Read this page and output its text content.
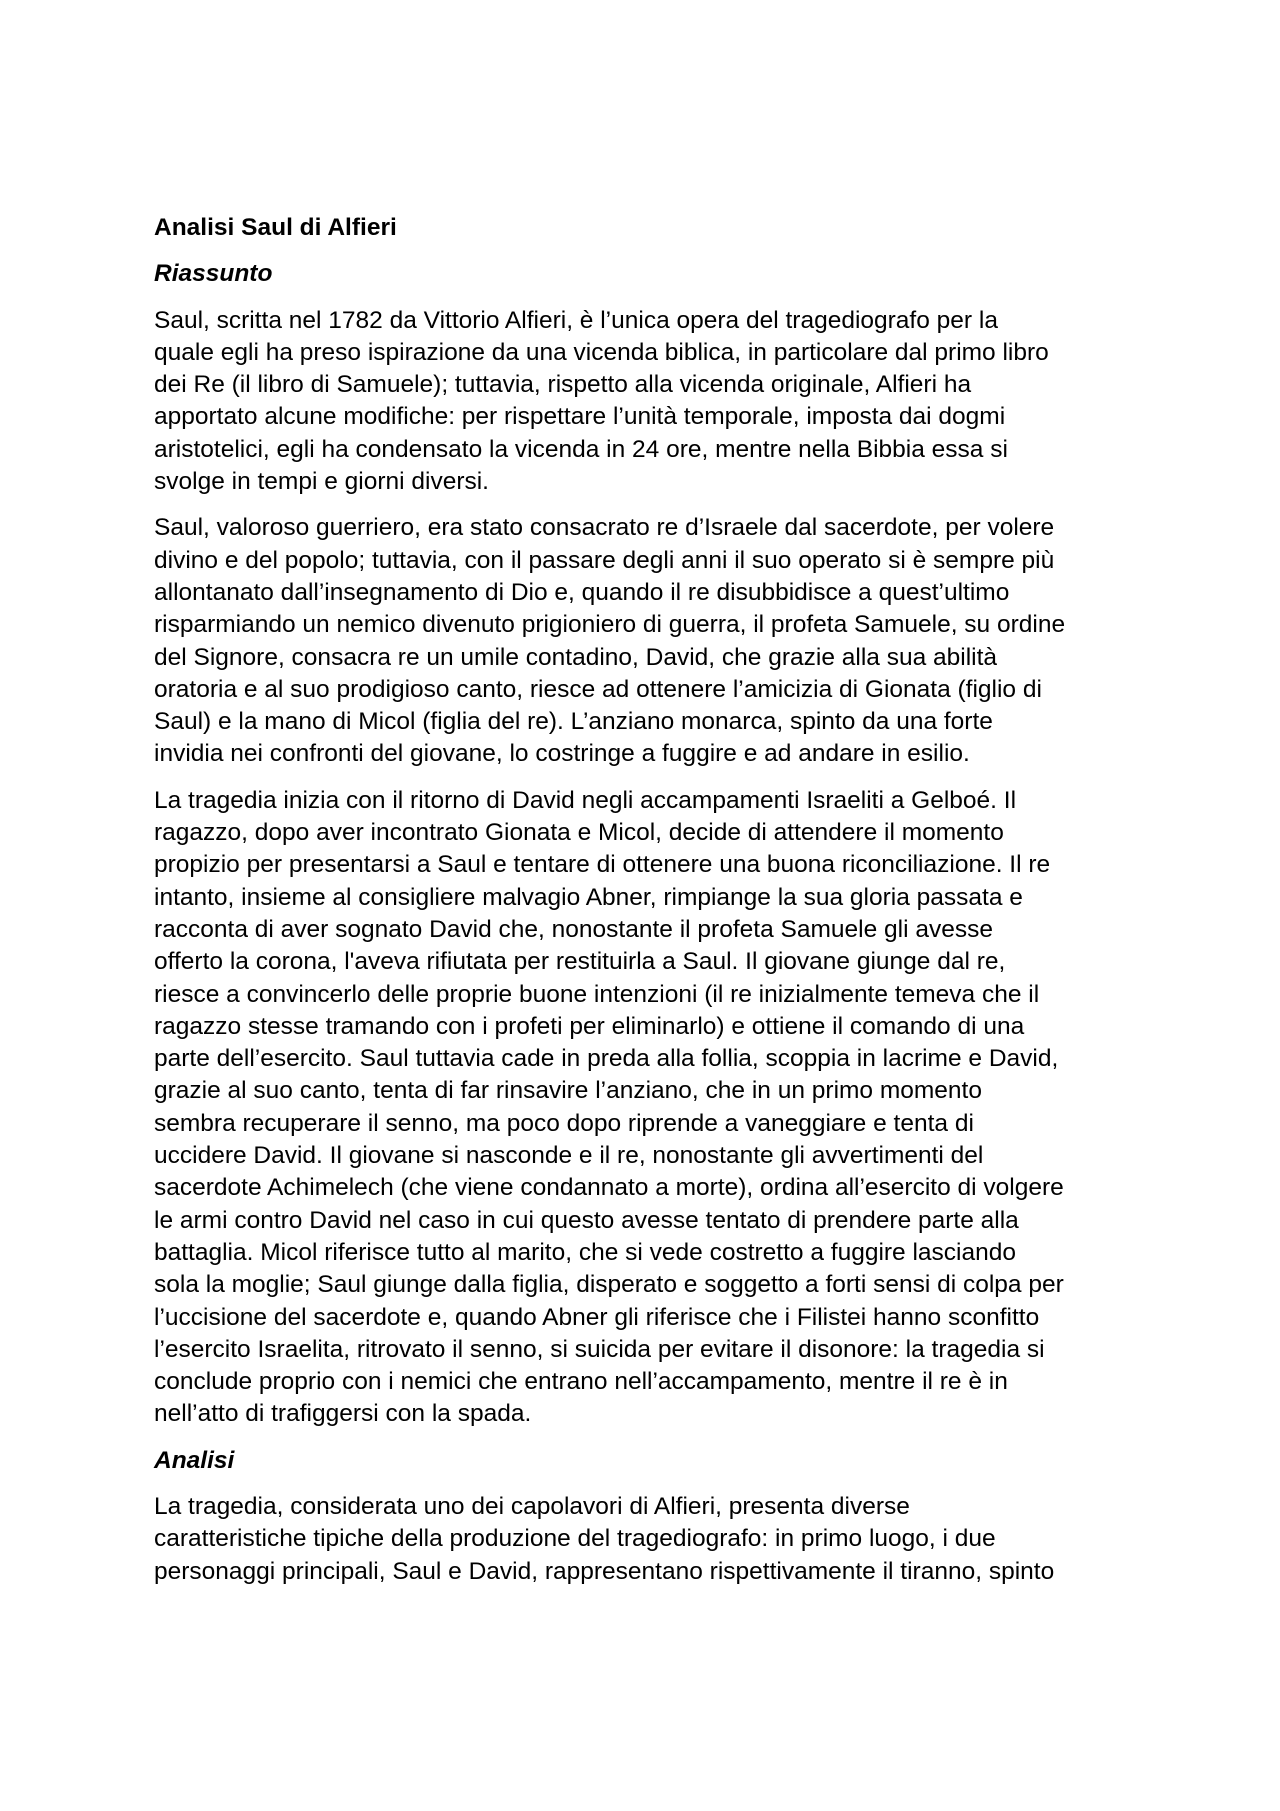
Analisi Saul di Alfieri
Riassunto
Saul, scritta nel 1782 da Vittorio Alfieri, è l’unica opera del tragediografo per la
quale egli ha preso ispirazione da una vicenda biblica, in particolare dal primo libro
dei Re (il libro di Samuele); tuttavia, rispetto alla vicenda originale, Alfieri ha
apportato alcune modifiche: per rispettare l’unità temporale, imposta dai dogmi
aristotelici, egli ha condensato la vicenda in 24 ore, mentre nella Bibbia essa si
svolge in tempi e giorni diversi.
Saul, valoroso guerriero, era stato consacrato re d’Israele dal sacerdote, per volere
divino e del popolo; tuttavia, con il passare degli anni il suo operato si è sempre più
allontanato dall’insegnamento di Dio e, quando il re disubbidisce a quest’ultimo
risparmiando un nemico divenuto prigioniero di guerra, il profeta Samuele, su ordine
del Signore, consacra re un umile contadino, David, che grazie alla sua abilità
oratoria e al suo prodigioso canto, riesce ad ottenere l’amicizia di Gionata (figlio di
Saul) e la mano di Micol (figlia del re). L’anziano monarca, spinto da una forte
invidia nei confronti del giovane, lo costringe a fuggire e ad andare in esilio.
La tragedia inizia con il ritorno di David negli accampamenti Israeliti a Gelboé. Il
ragazzo, dopo aver incontrato Gionata e Micol, decide di attendere il momento
propizio per presentarsi a Saul e tentare di ottenere una buona riconciliazione. Il re
intanto, insieme al consigliere malvagio Abner, rimpiange la sua gloria passata e
racconta di aver sognato David che, nonostante il profeta Samuele gli avesse
offerto la corona, l'aveva rifiutata per restituirla a Saul. Il giovane giunge dal re,
riesce a convincerlo delle proprie buone intenzioni (il re inizialmente temeva che il
ragazzo stesse tramando con i profeti per eliminarlo) e ottiene il comando di una
parte dell’esercito. Saul tuttavia cade in preda alla follia, scoppia in lacrime e David,
grazie al suo canto, tenta di far rinsavire l’anziano, che in un primo momento
sembra recuperare il senno, ma poco dopo riprende a vaneggiare e tenta di
uccidere David. Il giovane si nasconde e il re, nonostante gli avvertimenti del
sacerdote Achimelech (che viene condannato a morte), ordina all’esercito di volgere
le armi contro David nel caso in cui questo avesse tentato di prendere parte alla
battaglia. Micol riferisce tutto al marito, che si vede costretto a fuggire lasciando
sola la moglie; Saul giunge dalla figlia, disperato e soggetto a forti sensi di colpa per
l’uccisione del sacerdote e, quando Abner gli riferisce che i Filistei hanno sconfitto
l’esercito Israelita, ritrovato il senno, si suicida per evitare il disonore: la tragedia si
conclude proprio con i nemici che entrano nell’accampamento, mentre il re è in
nell’atto di trafiggersi con la spada.
Analisi
La tragedia, considerata uno dei capolavori di Alfieri, presenta diverse
caratteristiche tipiche della produzione del tragediografo: in primo luogo, i due
personaggi principali, Saul e David, rappresentano rispettivamente il tiranno, spinto
